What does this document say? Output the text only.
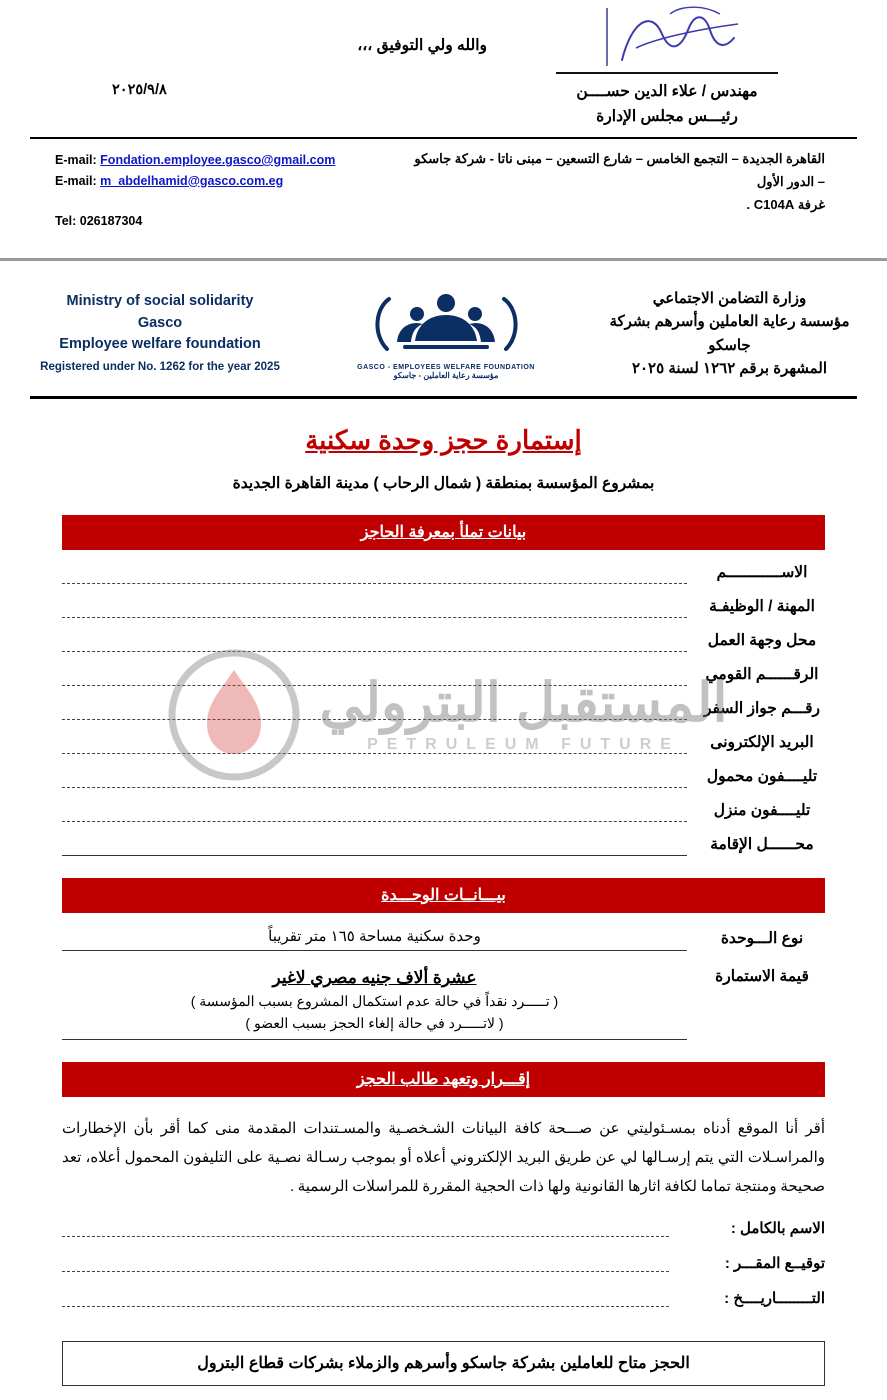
والله ولي التوفيق ،،،
٢٠٢٥/٩/٨	مهندس / علاء الدين حســــن
رئيـــس مجلس الإدارة
E-mail: Fondation.employee.gasco@gmail.com
E-mail: m_abdelhamid@gasco.com.eg
Tel: 026187304
القاهرة الجديدة – التجمع الخامس – شارع التسعين – مبنى ناتا - شركة جاسكو – الدور الأول
غرفة C104A .
وزارة التضامن الاجتماعي
مؤسسة رعاية العاملين وأسرهم بشركة جاسكو
المشهرة برقم ١٢٦٢ لسنة ٢٠٢٥
GASCO - EMPLOYEES WELFARE FOUNDATION
مؤسسة رعاية العاملين - جاسكو
Ministry of social solidarity
Gasco
Employee welfare foundation
Registered under No. 1262 for the year 2025
إستمارة حجز وحدة سكنية
بمشروع المؤسسة بمنطقة ( شمال الرحاب ) مدينة القاهرة الجديدة
بيانات تملأ بمعرفة الحاجز
الاســــــــــــم
المهنة / الوظيفـة
محل وجهة العمل
الرقــــــم القومي
رقـــم جواز السفر
البريد الإلكترونى
تليــــفون محمول
تليــــفون منزل
محــــــل الإقامة
بيـــانــات الوحـــدة
نوع الـــوحدة
وحدة سكنية مساحة ١٦٥ متر تقريباً
قيمة الاستمارة
عشرة ألاف جنيه مصري لاغير
( تـــــرد نقداً في حالة عدم استكمال المشروع بسبب المؤسسة )
( لاتـــــرد في حالة إلغاء الحجز بسبب العضو )
إقـــرار وتعهد طالب الحجز
أقر أنا الموقع أدناه بمسـئوليتي عن صـــحة كافة البيانات الشـخصـية والمسـتندات المقدمة منى كما أقر بأن الإخطارات والمراسـلات التي يتم إرسـالها لي عن طريق البريد الإلكتروني أعلاه أو بموجب رسـالة نصـية على التليفون المحمول أعلاه، تعد صحيحة ومنتجة تماما لكافة اثارها القانونية ولها ذات الحجية المقررة للمراسلات الرسمية .
الاسم بالكامل :
توقيــع المقـــر :
التــــــــاريــــخ :
الحجز متاح للعاملين بشركة جاسكو وأسرهم والزملاء بشركات قطاع البترول
المستقبل البترولي
PETRULEUM FUTURE
